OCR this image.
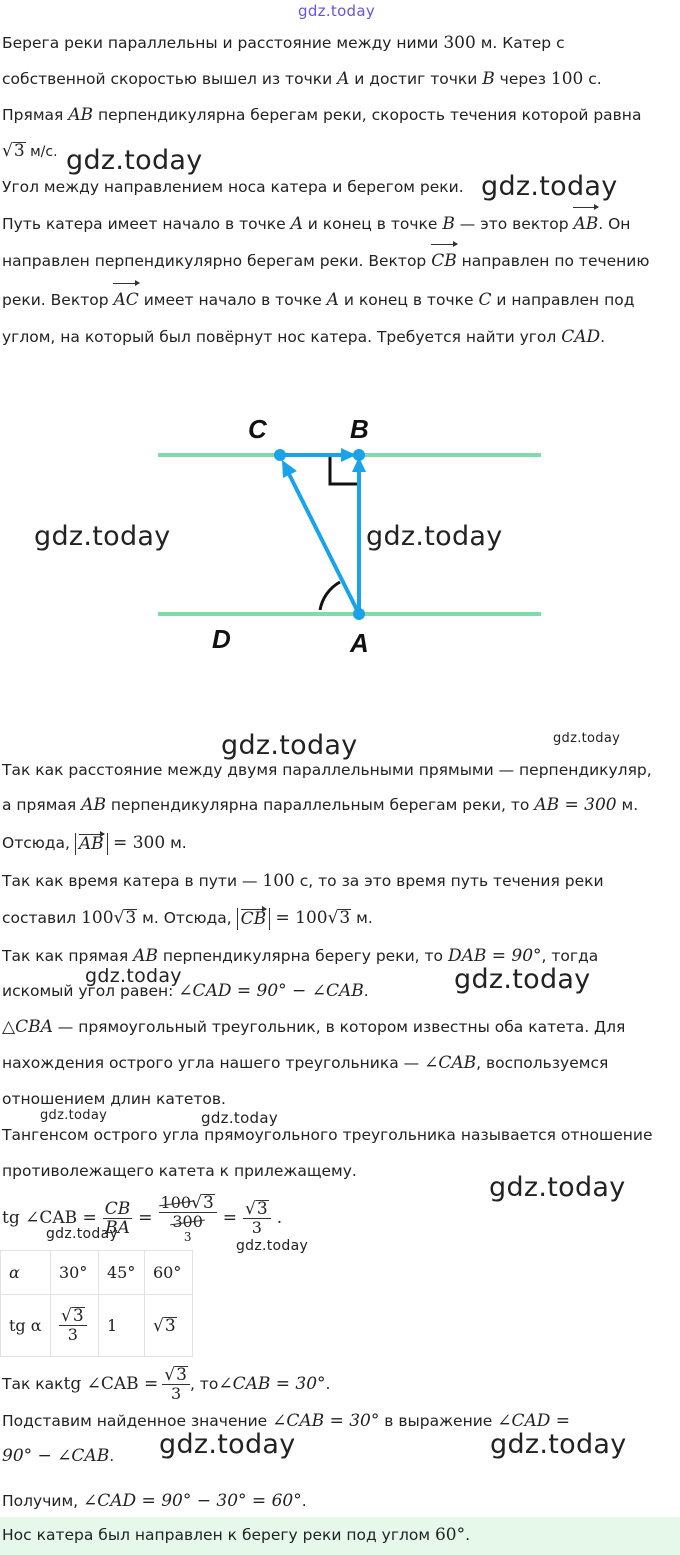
gdz.today
gdz.today
gdz.today
gdz.today	gdz.today
gdz.today	gdz.today
gdz.today	gdz.today
gdz.today	gdz.today
gdz.today
gdz.today
gdz.today
gdz.today	gdz.today
Берега реки параллельны и расстояние между ними 300 м. Катер с
собственной скоростью вышел из точки A и достиг точки B через 100 с.
Прямая AB перпендикулярна берегам реки, скорость течения которой равна
√3 м/с.
Угол между направлением носа катера и берегом реки.
Путь катера имеет начало в точке A и конец в точке B — это вектор AB. Он
направлен перпендикулярно берегам реки. Вектор CB направлен по течению
реки. Вектор AC имеет начало в точке A и конец в точке C и направлен под
углом, на который был повёрнут нос катера. Требуется найти угол CAD.
C	B
D	A
Так как расстояние между двумя параллельными прямыми — перпендикуляр,
а прямая AB перпендикулярна параллельным берегам реки, то AB = 300 м.
Отсюда, AB = 300 м.
Так как время катера в пути — 100 с, то за это время путь течения реки
составил 100√3 м. Отсюда, CB = 100√3 м.
Так как прямая AB перпендикулярна берегу реки, то DAB = 90°, тогда
искомый угол равен: ∠CAD = 90° − ∠CAB.
△CBA — прямоугольный треугольник, в котором известны оба катета. Для
нахождения острого угла нашего треугольника — ∠CAB, воспользуемся
отношением длин катетов.
Тангенсом острого угла прямоугольного треугольника называется отношение
противолежащего катета к прилежащему.
tg ∠CAB = $\frac{CB}{BA}$ =
100√3
300
3
= $\frac{√3}{3}$ .
α	30°	45°	60°
tg α	$\frac{√3}{3}$	1	√3
Так как tg ∠CAB = $\frac{√3}{3}$ , то ∠CAB = 30° .
Подставим найденное значение ∠CAB = 30° в выражение ∠CAD =
90° − ∠CAB.
Получим, ∠CAD = 90° − 30° = 60°.
Нос катера был направлен к берегу реки под углом 60°.
